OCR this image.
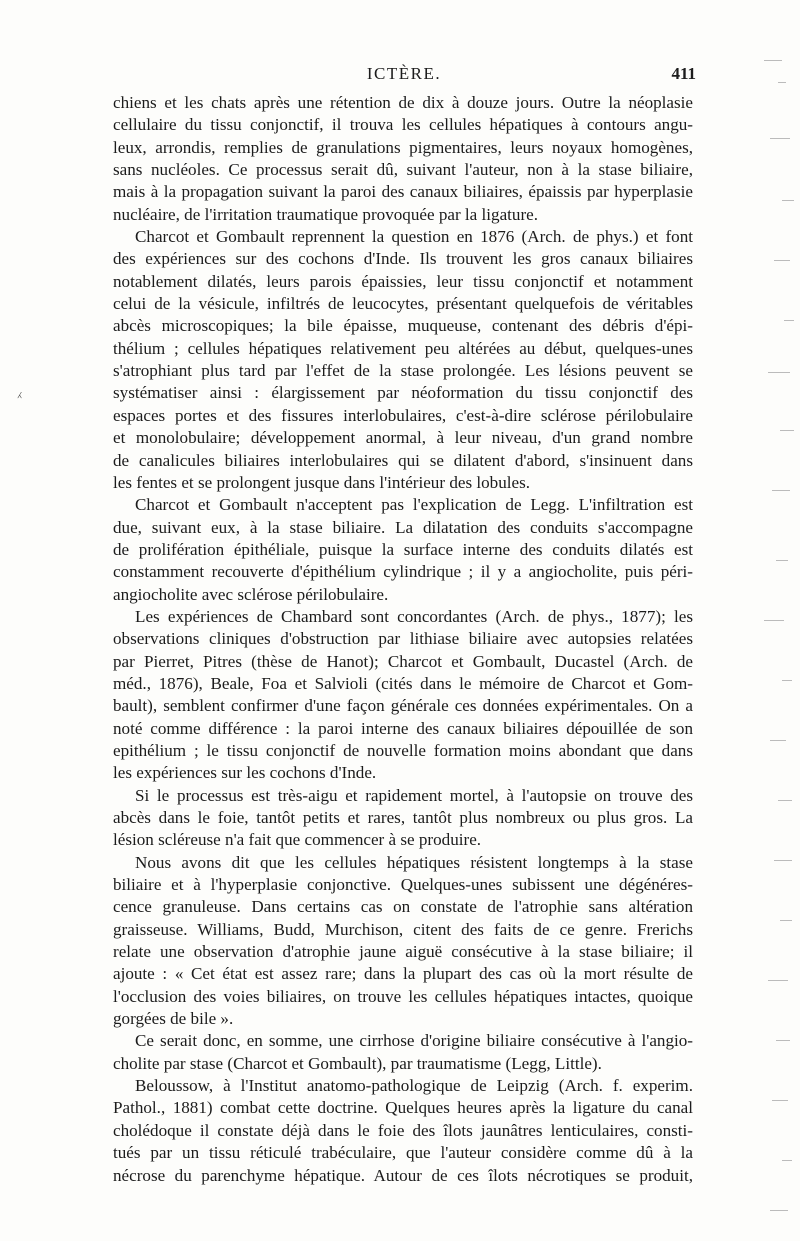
ICTÈRE.	411
chiens et les chats après une rétention de dix à douze jours. Outre la néoplasie
cellulaire du tissu conjonctif, il trouva les cellules hépatiques à contours angu-
leux, arrondis, remplies de granulations pigmentaires, leurs noyaux homogènes,
sans nucléoles. Ce processus serait dû, suivant l'auteur, non à la stase biliaire,
mais à la propagation suivant la paroi des canaux biliaires, épaissis par hyperplasie
nucléaire, de l'irritation traumatique provoquée par la ligature.
Charcot et Gombault reprennent la question en 1876 (Arch. de phys.) et font
des expériences sur des cochons d'Inde. Ils trouvent les gros canaux biliaires
notablement dilatés, leurs parois épaissies, leur tissu conjonctif et notamment
celui de la vésicule, infiltrés de leucocytes, présentant quelquefois de véritables
abcès microscopiques; la bile épaisse, muqueuse, contenant des débris d'épi-
thélium ; cellules hépatiques relativement peu altérées au début, quelques-unes
s'atrophiant plus tard par l'effet de la stase prolongée. Les lésions peuvent se
systématiser ainsi : élargissement par néoformation du tissu conjonctif des
espaces portes et des fissures interlobulaires, c'est-à-dire sclérose périlobulaire
et monolobulaire; développement anormal, à leur niveau, d'un grand nombre
de canalicules biliaires interlobulaires qui se dilatent d'abord, s'insinuent dans
les fentes et se prolongent jusque dans l'intérieur des lobules.
Charcot et Gombault n'acceptent pas l'explication de Legg. L'infiltration est
due, suivant eux, à la stase biliaire. La dilatation des conduits s'accompagne
de prolifération épithéliale, puisque la surface interne des conduits dilatés est
constamment recouverte d'épithélium cylindrique ; il y a angiocholite, puis péri-
angiocholite avec sclérose périlobulaire.
Les expériences de Chambard sont concordantes (Arch. de phys., 1877); les
observations cliniques d'obstruction par lithiase biliaire avec autopsies relatées
par Pierret, Pitres (thèse de Hanot); Charcot et Gombault, Ducastel (Arch. de
méd., 1876), Beale, Foa et Salvioli (cités dans le mémoire de Charcot et Gom-
bault), semblent confirmer d'une façon générale ces données expérimentales. On a
noté comme différence : la paroi interne des canaux biliaires dépouillée de son
epithélium ; le tissu conjonctif de nouvelle formation moins abondant que dans
les expériences sur les cochons d'Inde.
Si le processus est très-aigu et rapidement mortel, à l'autopsie on trouve des
abcès dans le foie, tantôt petits et rares, tantôt plus nombreux ou plus gros. La
lésion scléreuse n'a fait que commencer à se produire.
Nous avons dit que les cellules hépatiques résistent longtemps à la stase
biliaire et à l'hyperplasie conjonctive. Quelques-unes subissent une dégénéres-
cence granuleuse. Dans certains cas on constate de l'atrophie sans altération
graisseuse. Williams, Budd, Murchison, citent des faits de ce genre. Frerichs
relate une observation d'atrophie jaune aiguë consécutive à la stase biliaire; il
ajoute : « Cet état est assez rare; dans la plupart des cas où la mort résulte de
l'occlusion des voies biliaires, on trouve les cellules hépatiques intactes, quoique
gorgées de bile ».
Ce serait donc, en somme, une cirrhose d'origine biliaire consécutive à l'angio-
cholite par stase (Charcot et Gombault), par traumatisme (Legg, Little).
Beloussow, à l'Institut anatomo-pathologique de Leipzig (Arch. f. experim.
Pathol., 1881) combat cette doctrine. Quelques heures après la ligature du canal
cholédoque il constate déjà dans le foie des îlots jaunâtres lenticulaires, consti-
tués par un tissu réticulé trabéculaire, que l'auteur considère comme dû à la
nécrose du parenchyme hépatique. Autour de ces îlots nécrotiques se produit,
⁁
